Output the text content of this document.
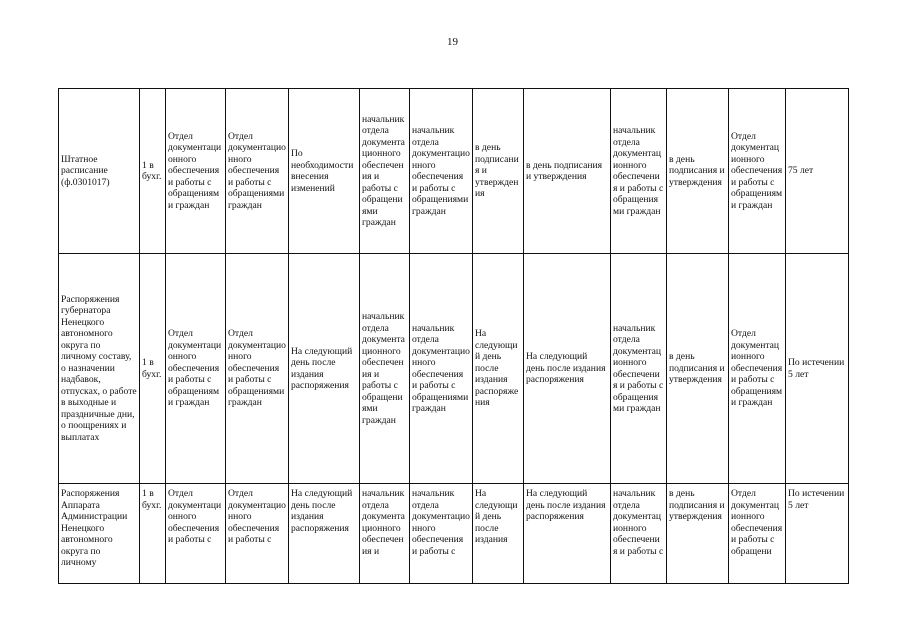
19
Штатное расписание (ф.0301017)	1 в бухг.	Отдел документационного обеспечения и работы с обращениями граждан	Отдел документационного обеспечения и работы с обращениями граждан	По необходимости внесения изменений	начальник отдела документационного обеспечения и работы с обращениями граждан	начальник отдела документационного обеспечения и работы с обращениями граждан	в день подписания и утверждения	в день подписания и утверждения	начальник отдела документационного обеспечения и работы с обращениями граждан	в день подписания и утверждения	Отдел документационного обеспечения и работы с обращениями граждан	75 лет
Распоряжения губернатора Ненецкого автономного округа по личному составу, о назначении надбавок, отпусках, о работе в выходные и праздничные дни, о поощрениях и выплатах	1 в бухг.	Отдел документационного обеспечения и работы с обращениями граждан	Отдел документационного обеспечения и работы с обращениями граждан	На следующий день после издания распоряжения	начальник отдела документационного обеспечения и работы с обращениями граждан	начальник отдела документационного обеспечения и работы с обращениями граждан	На следующий день после издания распоряжения	На следующий день после издания распоряжения	начальник отдела документационного обеспечения и работы с обращениями граждан	в день подписания и утверждения	Отдел документационного обеспечения и работы с обращениями граждан	По истечении 5 лет

Распоряжения Аппарата Администрации Ненецкого автономного округа по личному	1 в бухг.	Отдел документационного обеспечения и работы с	Отдел документационного обеспечения и работы с	На следующий день после издания распоряжения	начальник отдела документационного обеспечения и	начальник отдела документационного обеспечения и работы с	На следующий день после издания	На следующий день после издания распоряжения	начальник отдела документационного обеспечения и работы с	в день подписания и утверждения	Отдел документационного обеспечения и работы с обращени	По истечении 5 лет
